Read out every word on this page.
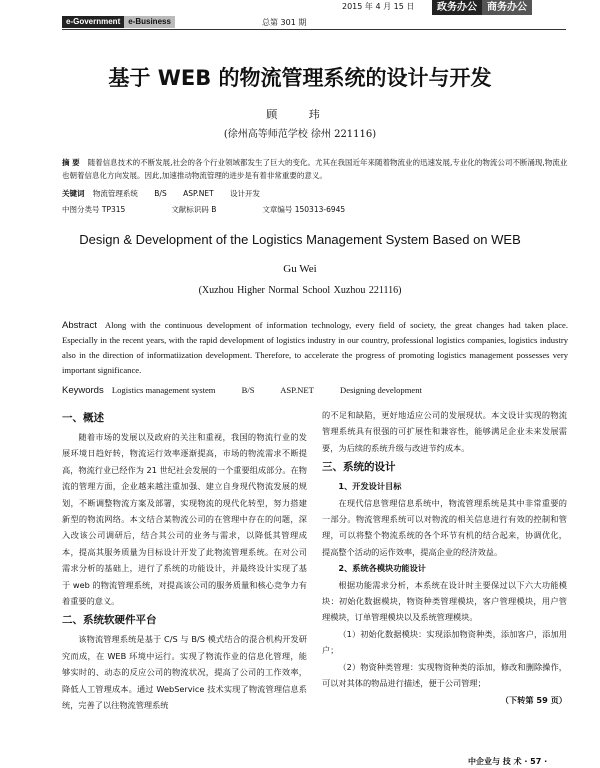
2015 年 4 月 15 日	政务办公	商务办公
e-Government	e-Business	总第 301 期
基于 WEB 的物流管理系统的设计与开发
顾 玮
(徐州高等师范学校 徐州 221116)
摘 要 随着信息技术的不断发展,社会的各个行业领域都发生了巨大的变化。尤其在我国近年来随着物流业的迅速发展,专业化的物流公司不断涌现,物流业也朝着信息化方向发展。因此,加速推动物流管理的进步是有着非常重要的意义。
关键词 物流管理系统 B/S ASP.NET 设计开发
中图分类号 TP315	文献标识码 B	文章编号 150313-6945
Design & Development of the Logistics Management System Based on WEB
Gu Wei
(Xuzhou Higher Normal School Xuzhou 221116)
Abstract Along with the continuous development of information technology, every field of society, the great changes had taken place. Especially in the recent years, with the rapid development of logistics industry in our country, professional logistics companies, logistics industry also in the direction of informatiization development. Therefore, to accelerate the progress of promoting logistics management possesses very important significance.
Keywords Logistics management system	B/S	ASP.NET	Designing development
一、概述

随着市场的发展以及政府的关注和重视，我国的物流行业的发展环境日趋好转，物流运行效率逐渐提高，市场的物流需求不断提高，物流行业已经作为 21 世纪社会发展的一个重要组成部分。在物流的管理方面，企业越来越注重加强、建立自身现代物流发展的规划，不断调整物流方案及部署，实现物流的现代化转型，努力搭建新型的物流网络。本文结合某物流公司的在管理中存在的问题，深入改该公司调研后，结合其公司的业务与需求，以降低其管理成本，提高其服务质量为目标设计开发了此物流管理系统。在对公司需求分析的基础上，进行了系统的功能设计，并最终设计实现了基于 web 的物流管理系统，对提高该公司的服务质量和核心竞争力有着重要的意义。

二、系统软硬件平台

该物流管理系统是基于 C/S 与 B/S 模式结合的混合机构开发研究而成，在 WEB 环境中运行。实现了物流作业的信息化管理，能够实时的、动态的反应公司的物流状况，提高了公司的工作效率，降低人工管理成本。通过 WebService 技术实现了物流管理信息系统，完善了以往物流管理系统

的不足和缺陷，更好地适应公司的发展现状。本文设计实现的物流管理系统具有很强的可扩展性和兼容性，能够满足企业未来发展需要，为后续的系统升级与改进节约成本。

三、系统的设计
1、开发设计目标

在现代信息管理信息系统中，物流管理系统是其中非常重要的一部分。物流管理系统可以对物流的相关信息进行有效的控制和管理，可以将整个物流系统的各个环节有机的结合起来，协调优化，提高整个活动的运作效率，提高企业的经济效益。

2、系统各模块功能设计

根据功能需求分析，本系统在设计时主要保过以下六大功能模块：初始化数据模块，物资种类管理模块，客户管理模块，用户管理模块，订单管理模块以及系统管理模块。

（1）初始化数据模块：实现添加物资种类，添加客户，添加用户；

（2）物资种类管理：实现物资种类的添加，修改和删除操作，可以对其体的物品进行描述，便于公司管理；

（下转第 59 页）
中企业与 技 术 · 57 ·
